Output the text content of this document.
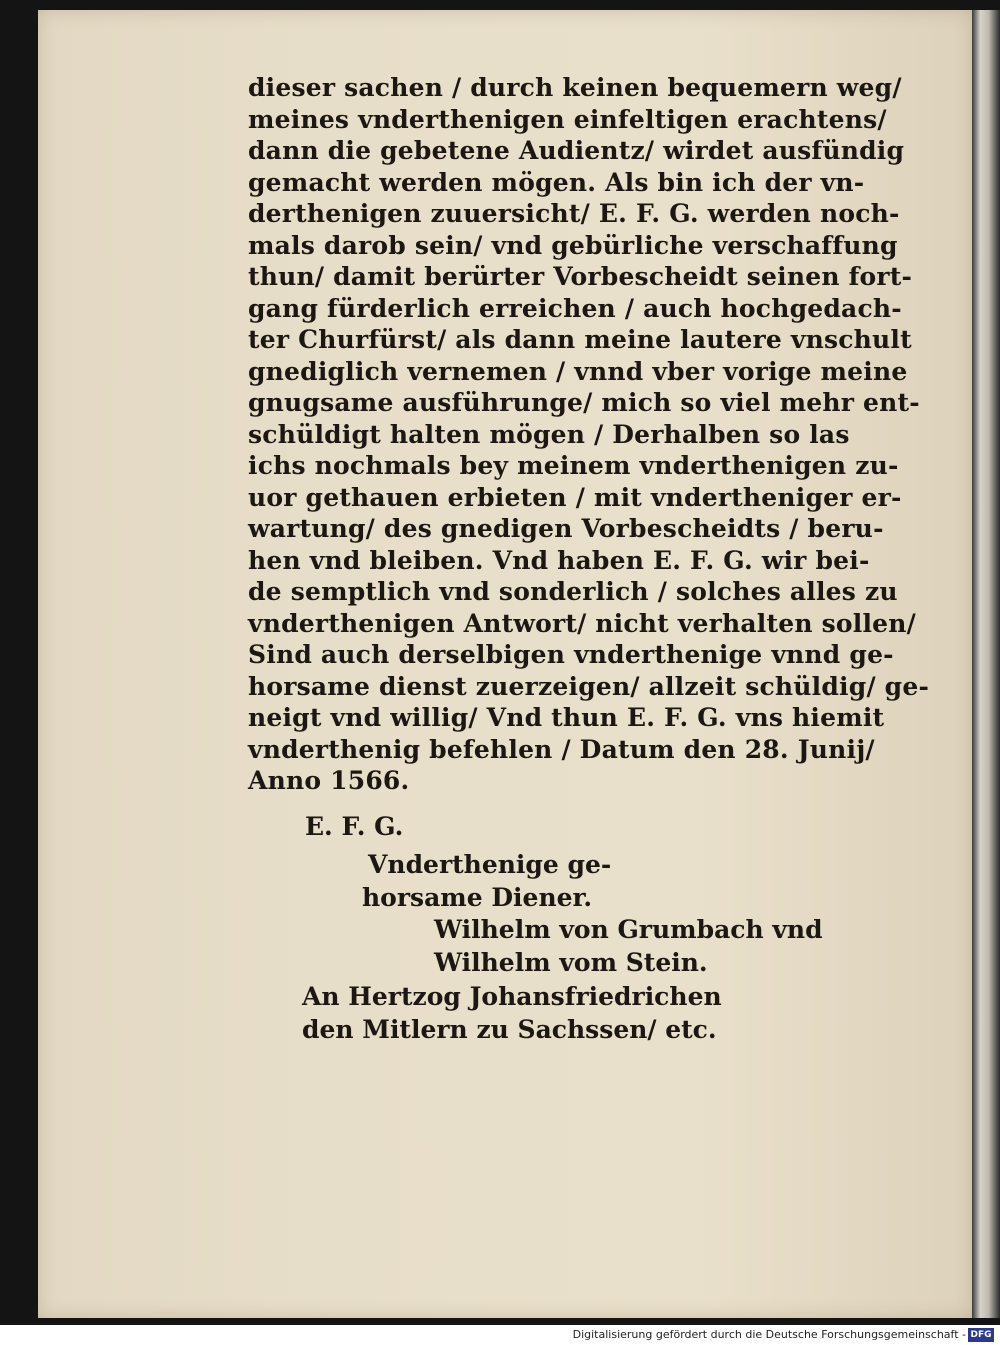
dieser sachen / durch keinen bequemern weg/
meines vnderthenigen einfeltigen erachtens/
dann die gebetene Audientz/ wirdet ausfündig
gemacht werden mögen. Als bin ich der vn-
derthenigen zuuersicht/ E. F. G. werden noch-
mals darob sein/ vnd gebürliche verschaffung
thun/ damit berürter Vorbescheidt seinen fort-
gang fürderlich erreichen / auch hochgedach-
ter Churfürst/ als dann meine lautere vnschult
gnediglich vernemen / vnnd vber vorige meine
gnugsame ausführunge/ mich so viel mehr ent-
schüldigt halten mögen / Derhalben so las
ichs nochmals bey meinem vnderthenigen zu-
uor gethauen erbieten / mit vndertheniger er-
wartung/ des gnedigen Vorbescheidts / beru-
hen vnd bleiben. Vnd haben E. F. G. wir bei-
de semptlich vnd sonderlich / solches alles zu
vnderthenigen Antwort/ nicht verhalten sollen/
Sind auch derselbigen vnderthenige vnnd ge-
horsame dienst zuerzeigen/ allzeit schüldig/ ge-
neigt vnd willig/ Vnd thun E. F. G. vns hiemit
vnderthenig befehlen / Datum den 28. Junij/
Anno 1566.
E. F. G.
Vnderthenige ge-
horsame Diener.
Wilhelm von Grumbach vnd
Wilhelm vom Stein.
An Hertzog Johansfriedrichen
den Mitlern zu Sachssen/ etc.
Digitalisierung gefördert durch die Deutsche Forschungsgemeinschaft - DFG
